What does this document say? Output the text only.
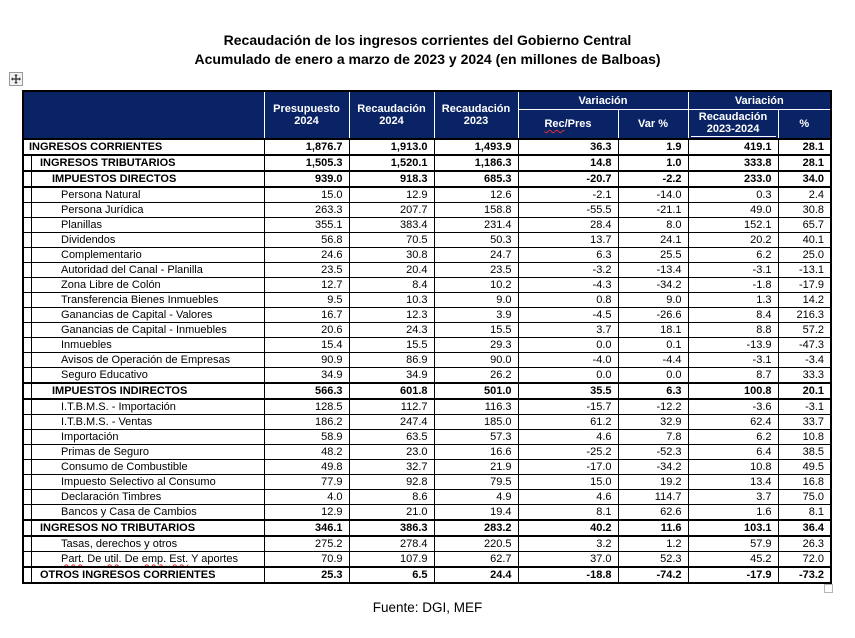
Recaudación de los ingresos corrientes del Gobierno Central
Acumulado de enero a marzo de 2023 y 2024 (en millones de Balboas)
	Presupuesto 2024	Recaudación 2024	Recaudación 2023	Variación		Variación	
				Rec/Pres	Var %	Recaudación 2023-2024	%
INGRESOS CORRIENTES	1,876.7	1,913.0	1,493.9	36.3	1.9	419.1	28.1
INGRESOS TRIBUTARIOS	1,505.3	1,520.1	1,186.3	14.8	1.0	333.8	28.1
IMPUESTOS DIRECTOS	939.0	918.3	685.3	-20.7	-2.2	233.0	34.0
Persona Natural	15.0	12.9	12.6	-2.1	-14.0	0.3	2.4
Persona Jurídica	263.3	207.7	158.8	-55.5	-21.1	49.0	30.8
Planillas	355.1	383.4	231.4	28.4	8.0	152.1	65.7
Dividendos	56.8	70.5	50.3	13.7	24.1	20.2	40.1
Complementario	24.6	30.8	24.7	6.3	25.5	6.2	25.0
Autoridad del Canal - Planilla	23.5	20.4	23.5	-3.2	-13.4	-3.1	-13.1
Zona Libre de Colón	12.7	8.4	10.2	-4.3	-34.2	-1.8	-17.9
Transferencia Bienes Inmuebles	9.5	10.3	9.0	0.8	9.0	1.3	14.2
Ganancias de Capital - Valores	16.7	12.3	3.9	-4.5	-26.6	8.4	216.3
Ganancias de Capital - Inmuebles	20.6	24.3	15.5	3.7	18.1	8.8	57.2
Inmuebles	15.4	15.5	29.3	0.0	0.1	-13.9	-47.3
Avisos de Operación de Empresas	90.9	86.9	90.0	-4.0	-4.4	-3.1	-3.4
Seguro Educativo	34.9	34.9	26.2	0.0	0.0	8.7	33.3
IMPUESTOS INDIRECTOS	566.3	601.8	501.0	35.5	6.3	100.8	20.1
I.T.B.M.S. - Importación	128.5	112.7	116.3	-15.7	-12.2	-3.6	-3.1
I.T.B.M.S. - Ventas	186.2	247.4	185.0	61.2	32.9	62.4	33.7
Importación	58.9	63.5	57.3	4.6	7.8	6.2	10.8
Primas de Seguro	48.2	23.0	16.6	-25.2	-52.3	6.4	38.5
Consumo de Combustible	49.8	32.7	21.9	-17.0	-34.2	10.8	49.5
Impuesto Selectivo al Consumo	77.9	92.8	79.5	15.0	19.2	13.4	16.8
Declaración Timbres	4.0	8.6	4.9	4.6	114.7	3.7	75.0
Bancos y Casa de Cambios	12.9	21.0	19.4	8.1	62.6	1.6	8.1
INGRESOS NO TRIBUTARIOS	346.1	386.3	283.2	40.2	11.6	103.1	36.4
Tasas, derechos y otros	275.2	278.4	220.5	3.2	1.2	57.9	26.3
Part. De util. De emp. Est. Y aportes	70.9	107.9	62.7	37.0	52.3	45.2	72.0
OTROS INGRESOS CORRIENTES	25.3	6.5	24.4	-18.8	-74.2	-17.9	-73.2
Fuente: DGI, MEF
